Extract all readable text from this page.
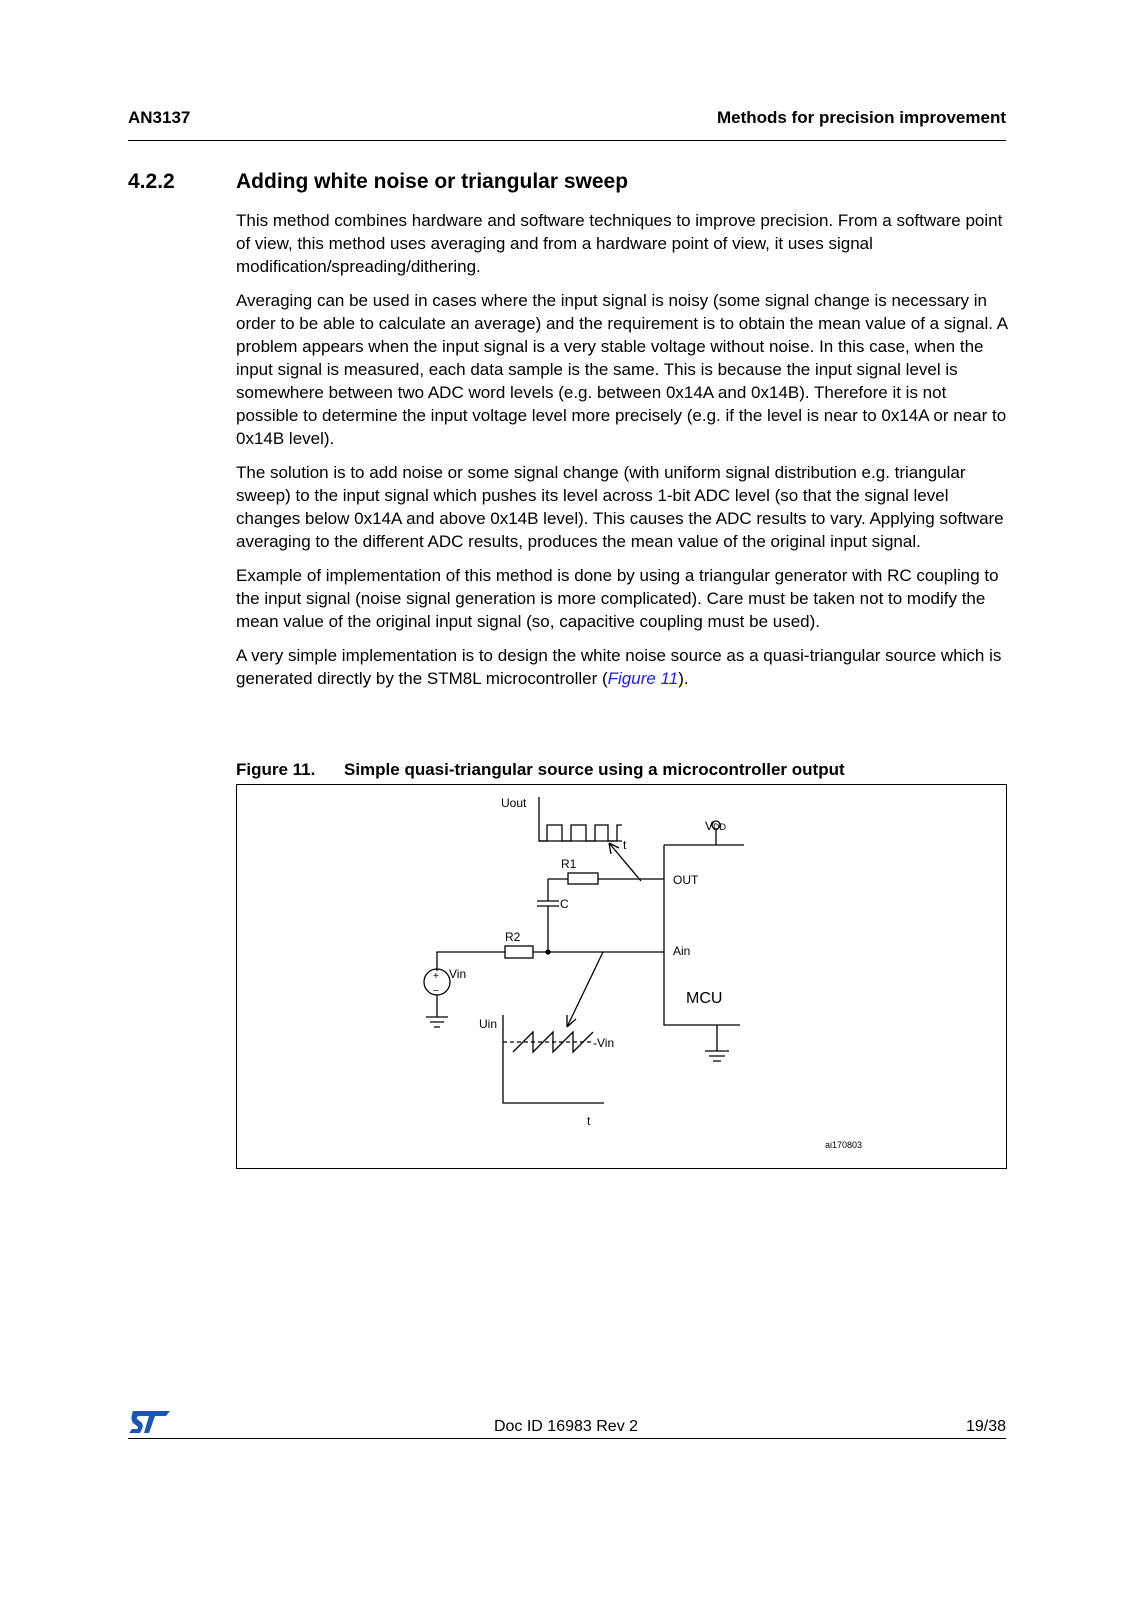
AN3137	Methods for precision improvement
4.2.2	Adding white noise or triangular sweep

This method combines hardware and software techniques to improve precision. From a software point of view, this method uses averaging and from a hardware point of view, it uses signal modification/spreading/dithering.

Averaging can be used in cases where the input signal is noisy (some signal change is necessary in order to be able to calculate an average) and the requirement is to obtain the mean value of a signal. A problem appears when the input signal is a very stable voltage without noise. In this case, when the input signal is measured, each data sample is the same. This is because the input signal level is somewhere between two ADC word levels (e.g. between 0x14A and 0x14B). Therefore it is not possible to determine the input voltage level more precisely (e.g. if the level is near to 0x14A or near to 0x14B level).

The solution is to add noise or some signal change (with uniform signal distribution e.g. triangular sweep) to the input signal which pushes its level across 1-bit ADC level (so that the signal level changes below 0x14A and above 0x14B level). This causes the ADC results to vary. Applying software averaging to the different ADC results, produces the mean value of the original input signal.

Example of implementation of this method is done by using a triangular generator with RC coupling to the input signal (noise signal generation is more complicated). Care must be taken not to modify the mean value of the original input signal (so, capacitive coupling must be used).

A very simple implementation is to design the white noise source as a quasi-triangular source which is generated directly by the STM8L microcontroller (Figure 11).

Figure 11. Simple quasi-triangular source using a microcontroller output
Uout
t
VDD
R1
C
OUT
R2
Ain
+
–
Vin
MCU
Uin
-Vin
t
ai170803
Doc ID 16983 Rev 2	19/38
